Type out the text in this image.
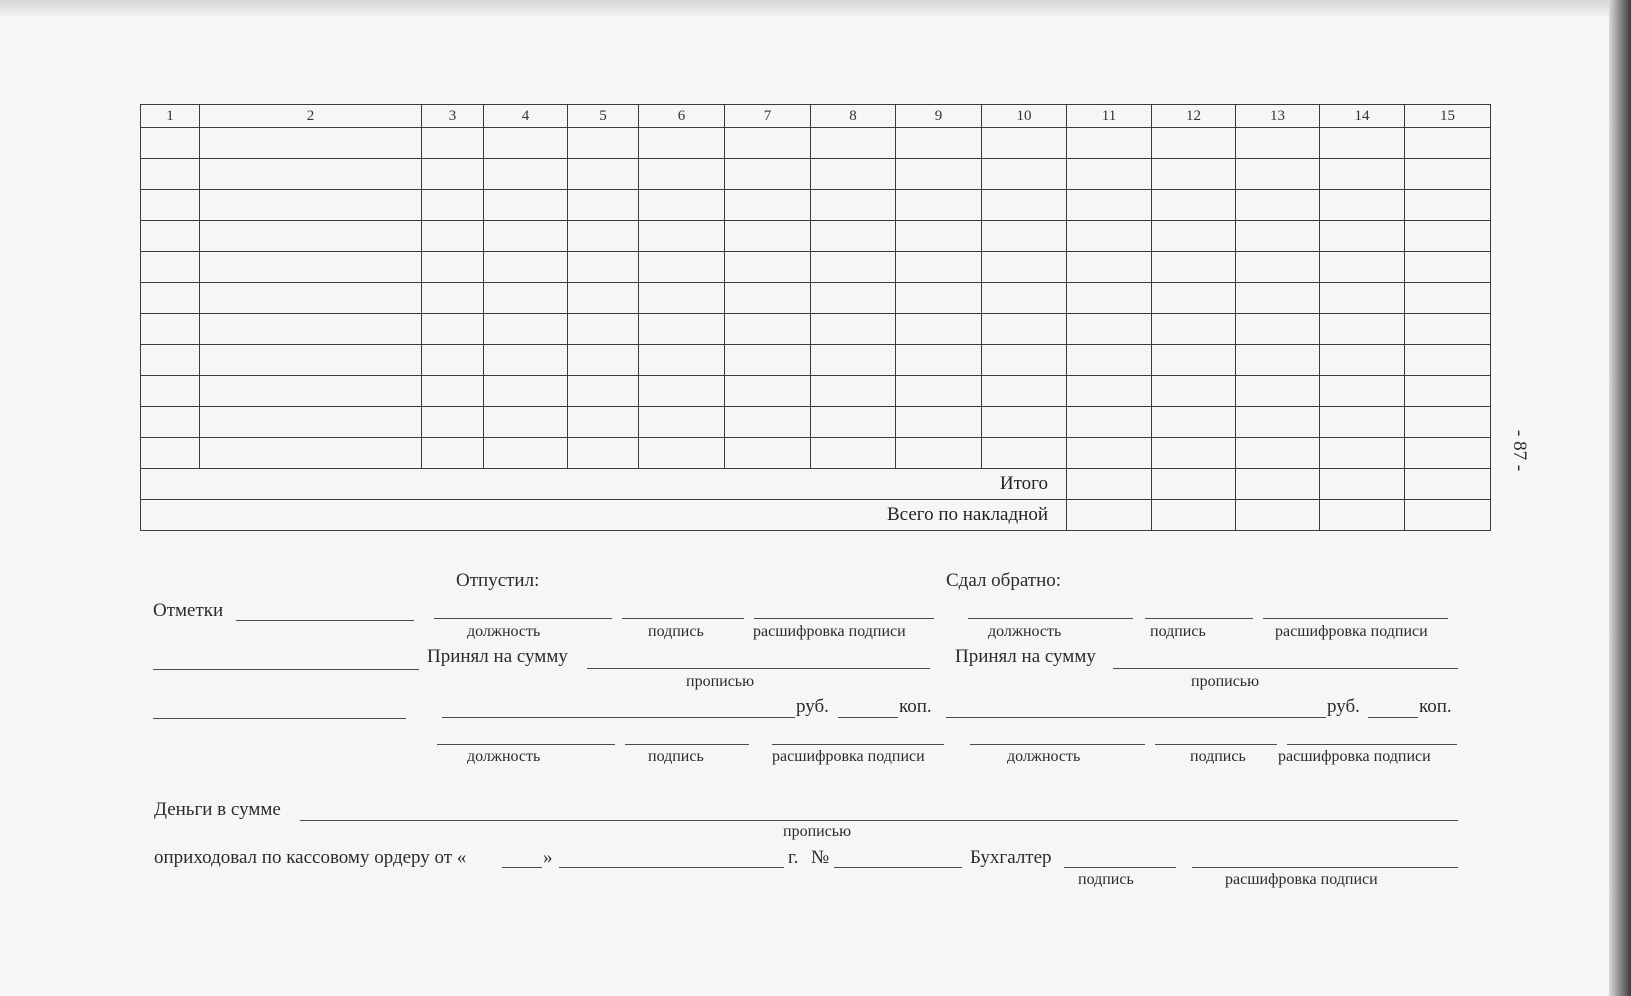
1	2	3	4	5	6	7	8	9	10	11	12	13	14	15

Итого														
Всего по накладной														
Отпустил:	Сдал обратно:
Отметки
должность	подпись	расшифровка подписи	должность	подпись	расшифровка подписи
Принял на сумму	Принял на сумму
прописью	прописью
руб.	коп.	руб.	коп.
должность	подпись	расшифровка подписи	должность	подпись расшифровка подписи
Деньги в сумме
прописью
оприходовал по кассовому ордеру от «	»	г. №	Бухгалтер
подпись	расшифровка подписи
- 87 -
